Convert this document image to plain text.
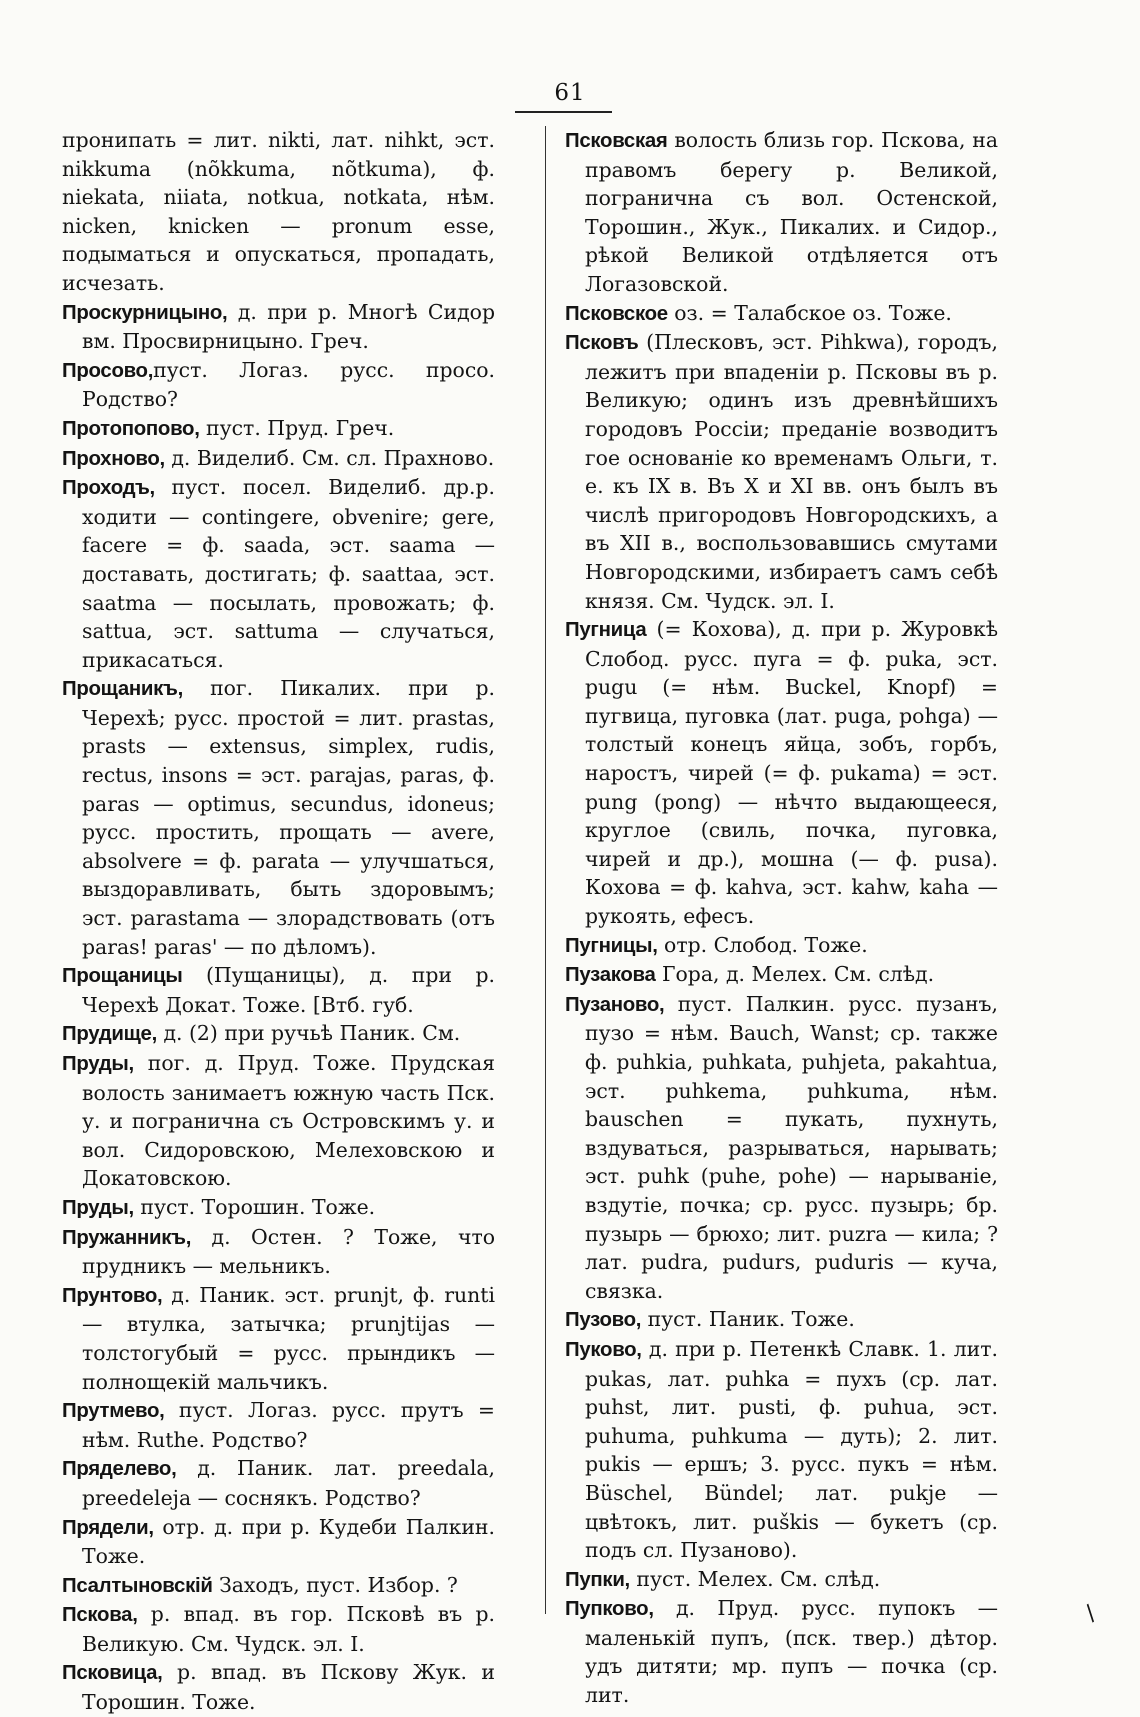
61

пронипать = лит. nikti, лат. nihkt, эст. nikkuma (nõkkuma, nõtkuma), ф. niekata, niiata, notkua, notkata, нѣм. nicken, knicken — pronum esse, подыматься и опускаться, пропадать, исчезать.

Проскурницыно, д. при р. Многѣ Сидор вм. Просвирницыно. Греч.

Просово,пуст. Логаз. русс. просо. Родство?

Протопопово, пуст. Пруд. Греч.

Прохново, д. Виделиб. См. сл. Прахново.

Проходъ, пуст. посел. Виделиб. др.р. ходити — contingere, obvenire; gere, facere = ф. saada, эст. saama — доставать, достигать; ф. saattaa, эст. saatma — посылать, провожать; ф. sattua, эст. sattuma — случаться, прикасаться.

Прощаникъ, пог. Пикалих. при р. Черехѣ; русс. простой = лит. prastas, prasts — extensus, simplex, rudis, rectus, insons = эст. parajas, paras, ф. paras — optimus, secundus, idoneus; русс. простить, прощать — avere, absolvere = ф. parata — улучшаться, выздоравливать, быть здоровымъ; эст. parastama — злорадствовать (отъ paras! paras' — по дѣломъ).

Прощаницы (Пущаницы), д. при р. Черехѣ Докат. Тоже. [Втб. губ.

Прудище, д. (2) при ручьѣ Паник. См.

Пруды, пог. д. Пруд. Тоже. Прудская волость занимаетъ южную часть Пск. у. и погранична съ Островскимъ у. и вол. Сидоровскою, Мелеховскою и Докатовскою.

Пруды, пуст. Торошин. Тоже.

Пружанникъ, д. Остен. ? Тоже, что прудникъ — мельникъ.

Прунтово, д. Паник. эст. prunjt, ф. runti — втулка, затычка; prunjtijas — толстогубый = русс. прындикъ — полнощекій мальчикъ.

Прутмево, пуст. Логаз. русс. прутъ = нѣм. Ruthe. Родство?

Пряделево, д. Паник. лат. preedala, preedeleja — соснякъ. Родство?

Прядели, отр. д. при р. Кудеби Палкин. Тоже.

Псалтыновскій Заходъ, пуст. Избор. ?

Пскова, р. впад. въ гор. Псковѣ въ р. Великую. См. Чудск. эл. I.

Псковица, р. впад. въ Пскову Жук. и Торошин. Тоже.

Псковская волость близь гор. Пскова, на правомъ берегу р. Великой, погранична съ вол. Остенской, Торошин., Жук., Пикалих. и Сидор., рѣкой Великой отдѣляется отъ Логазовской.

Псковское оз. = Талабское оз. Тоже.

Псковъ (Плесковъ, эст. Pihkwa), городъ, лежитъ при впаденіи р. Псковы въ р. Великую; одинъ изъ древнѣйшихъ городовъ Россіи; преданіе возводитъ гое основаніе ко временамъ Ольги, т. е. къ IX в. Въ X и XI вв. онъ былъ въ числѣ пригородовъ Новгородскихъ, а въ XII в., воспользовавшись смутами Новгородскими, избираетъ самъ себѣ князя. См. Чудск. эл. I.

Пугница (= Кохова), д. при р. Журовкѣ Слобод. русс. пуга = ф. puka, эст. pugu (= нѣм. Buckel, Knopf) = пугвица, пуговка (лат. puga, pohga) — толстый конецъ яйца, зобъ, горбъ, наростъ, чирей (= ф. pukama) = эст. pung (pong) — нѣчто выдающееся, круглое (свиль, почка, пуговка, чирей и др.), мошна (— ф. pusa). Кохова = ф. kahva, эст. kahw, kaha — рукоять, ефесъ.

Пугницы, отр. Слобод. Тоже.

Пузакова Гора, д. Мелех. См. слѣд.

Пузаново, пуст. Палкин. русс. пузанъ, пузо = нѣм. Bauch, Wanst; ср. также ф. puhkia, puhkata, puhjeta, pakahtua, эст. puhkema, puhkuma, нѣм. bauschen = пукать, пухнуть, вздуваться, разрываться, нарывать; эст. puhk (puhe, pohe) — нарываніе, вздутіе, почка; ср. русс. пузырь; бр. пузырь — брюхо; лит. puzra — кила; ? лат. pudra, pudurs, puduris — куча, связка.

Пузово, пуст. Паник. Тоже.

Пуково, д. при р. Петенкѣ Славк. 1. лит. pukas, лат. puhka = пухъ (ср. лат. puhst, лит. pusti, ф. puhua, эст. puhuma, puhkuma — дуть); 2. лит. pukis — ершъ; 3. русс. пукъ = нѣм. Büschel, Bündel; лат. pukje — цвѣтокъ, лит. puškis — букетъ (ср. подъ сл. Пузаново).

Пупки, пуст. Мелех. См. слѣд.

Пупково, д. Пруд. русс. пупокъ — маленькій пупъ, (пск. твер.) дѣтор. удъ дитяти; мр. пупъ — почка (ср. лит.

/
